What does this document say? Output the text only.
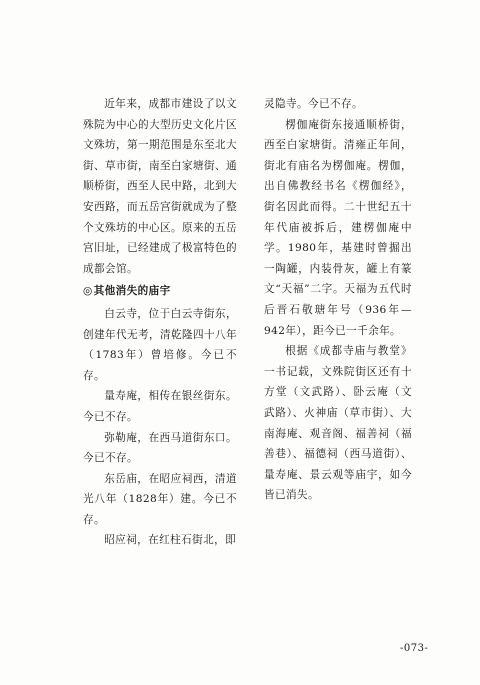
近年来，成都市建设了以文殊院为中心的大型历史文化片区文殊坊，第一期范围是东至北大街、草市街，南至白家塘街、通顺桥街，西至人民中路，北到大安西路，而五岳宫街就成为了整个文殊坊的中心区。原来的五岳宫旧址，已经建成了极富特色的成都会馆。

◎其他消失的庙宇

白云寺，位于白云寺街东，创建年代无考，清乾隆四十八年（1783年）曾培修。今已不存。

量寿庵，相传在银丝街东。今已不存。

弥勒庵，在西马道街东口。今已不存。

东岳庙，在昭应祠西，清道光八年（1828年）建。今已不存。

昭应祠，在红柱石街北，即

灵隐寺。今已不存。

楞伽庵街东接通顺桥街，西至白家塘街。清雍正年间，街北有庙名为楞伽庵。楞伽，出自佛教经书名《楞伽经》，街名因此而得。二十世纪五十年代庙被拆后，建楞伽庵中学。1980年，基建时曾掘出一陶罐，内装骨灰，罐上有篆文“天福”二字。天福为五代时后晋石敬瑭年号（936年—942年），距今已一千余年。

根据《成都寺庙与教堂》一书记载，文殊院街区还有十方堂（文武路）、卧云庵（文武路）、火神庙（草市街）、大南海庵、观音阁、福善祠（福善巷）、福德祠（西马道街）、量寿庵、景云观等庙宇，如今皆已消失。

-073-
